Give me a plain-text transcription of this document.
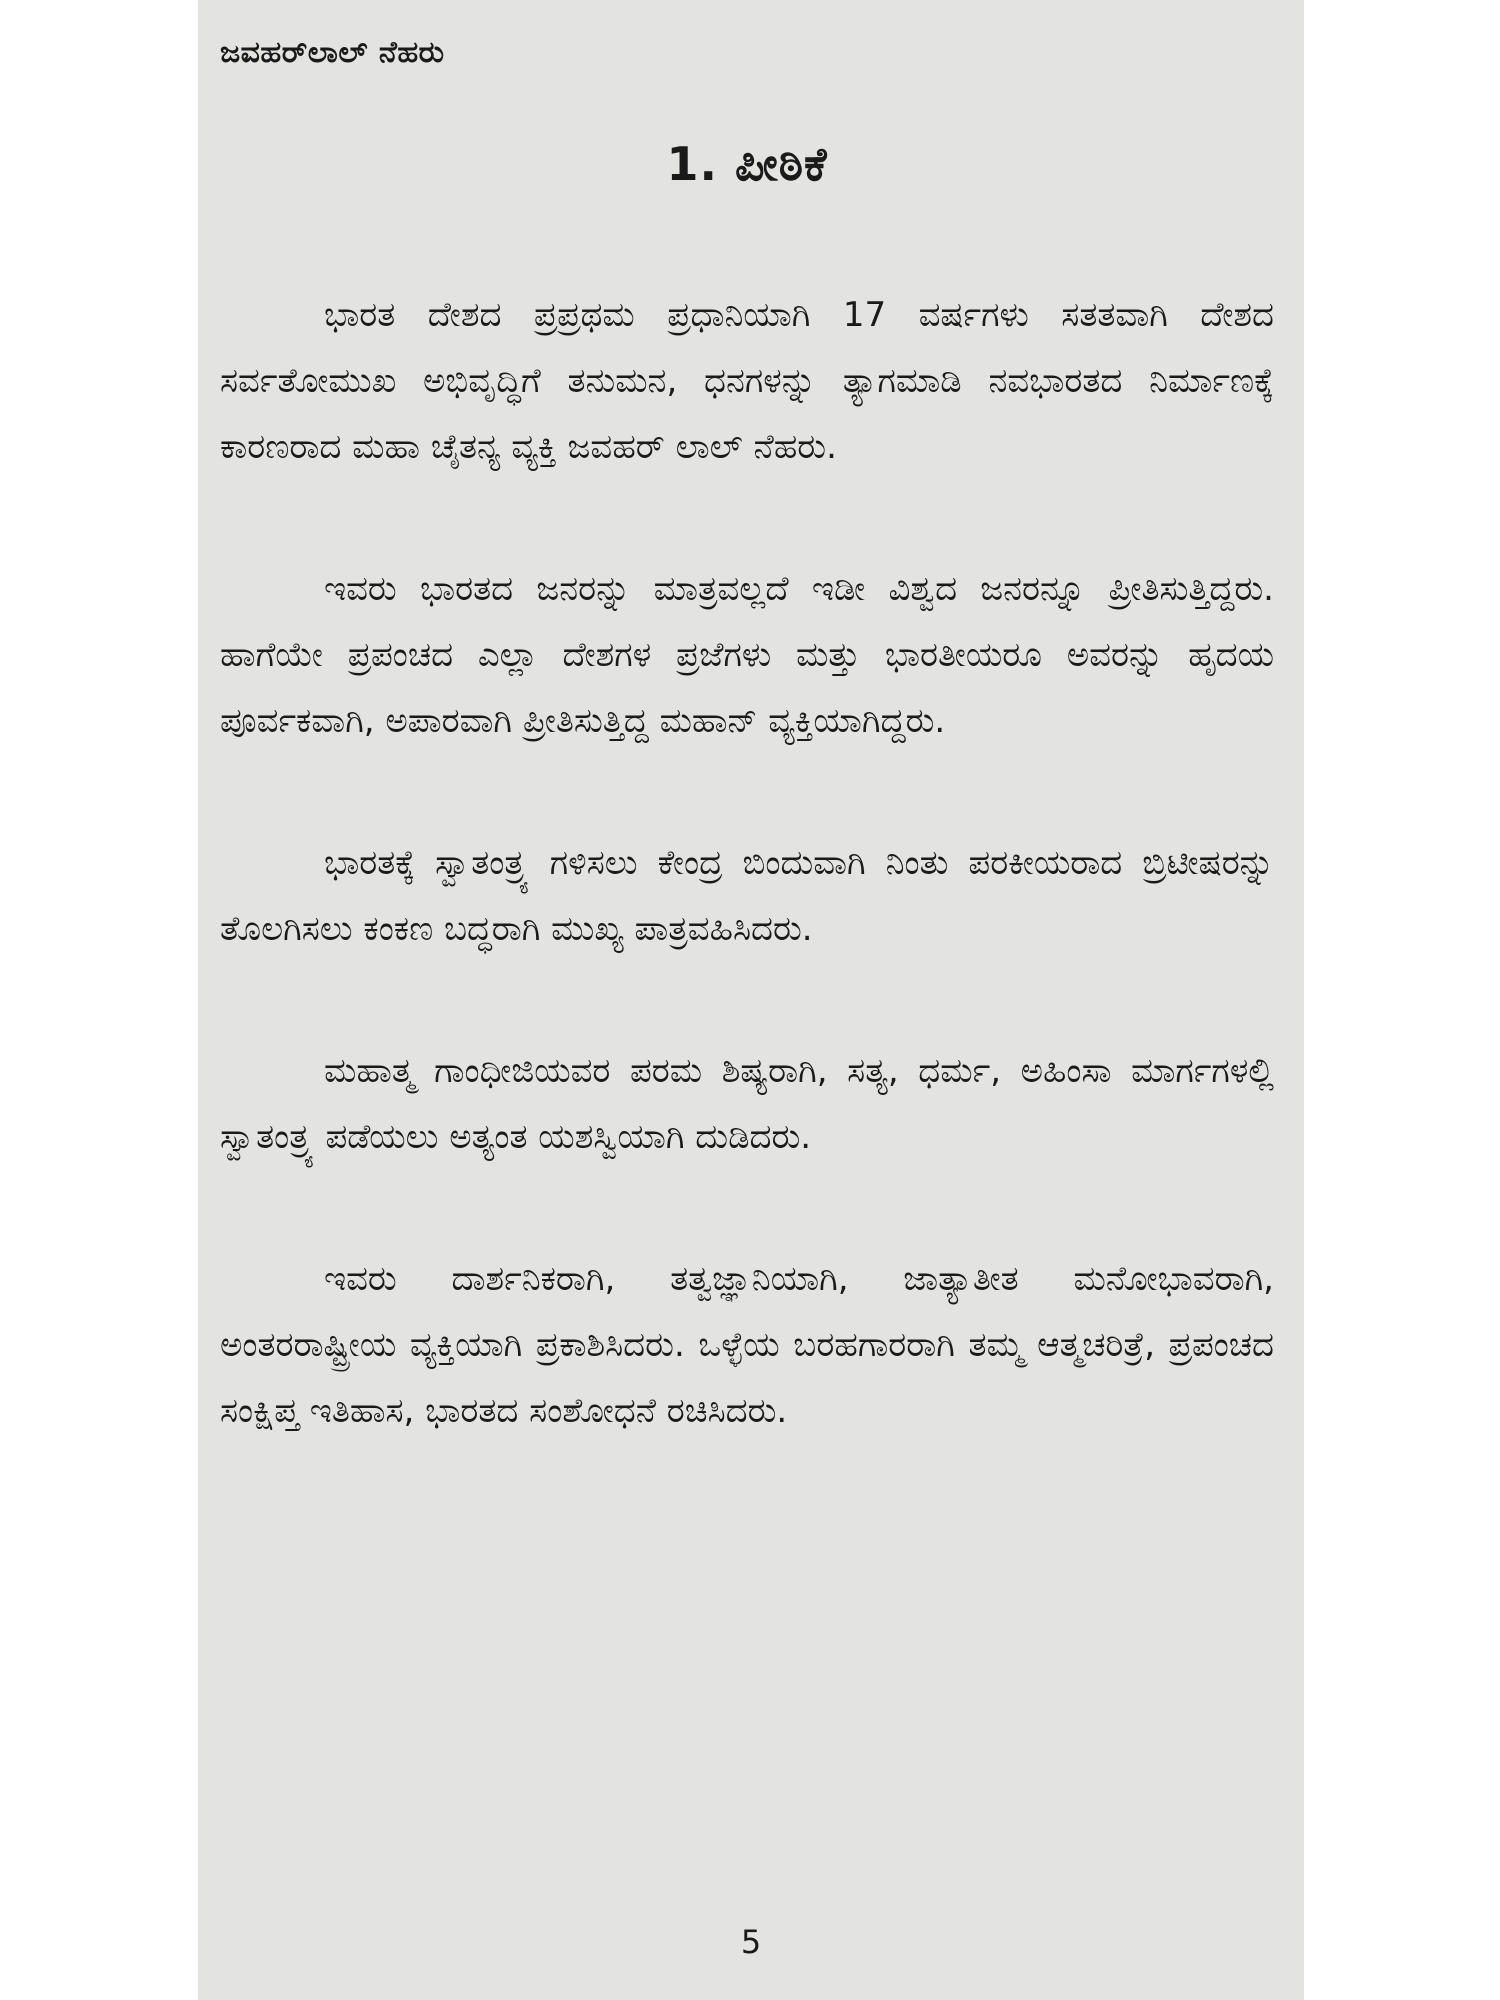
ಜವಹರ್‌ಲಾಲ್ ನೆಹರು
1. ಪೀಠಿಕೆ

ಭಾರತ ದೇಶದ ಪ್ರಪ್ರಥಮ ಪ್ರಧಾನಿಯಾಗಿ 17 ವರ್ಷಗಳು ಸತತವಾಗಿ ದೇಶದ ಸರ್ವತೋಮುಖ ಅಭಿವೃದ್ಧಿಗೆ ತನುಮನ, ಧನಗಳನ್ನು ತ್ಯಾಗಮಾಡಿ ನವಭಾರತದ ನಿರ್ಮಾಣಕ್ಕೆ ಕಾರಣರಾದ ಮಹಾ ಚೈತನ್ಯ ವ್ಯಕ್ತಿ ಜವಹರ್ ಲಾಲ್ ನೆಹರು.

ಇವರು ಭಾರತದ ಜನರನ್ನು ಮಾತ್ರವಲ್ಲದೆ ಇಡೀ ವಿಶ್ವದ ಜನರನ್ನೂ ಪ್ರೀತಿಸುತ್ತಿದ್ದರು. ಹಾಗೆಯೇ ಪ್ರಪಂಚದ ಎಲ್ಲಾ ದೇಶಗಳ ಪ್ರಜೆಗಳು ಮತ್ತು ಭಾರತೀಯರೂ ಅವರನ್ನು ಹೃದಯ ಪೂರ್ವಕವಾಗಿ, ಅಪಾರವಾಗಿ ಪ್ರೀತಿಸುತ್ತಿದ್ದ ಮಹಾನ್ ವ್ಯಕ್ತಿಯಾಗಿದ್ದರು.

ಭಾರತಕ್ಕೆ ಸ್ವಾತಂತ್ರ್ಯ ಗಳಿಸಲು ಕೇಂದ್ರ ಬಿಂದುವಾಗಿ ನಿಂತು ಪರಕೀಯರಾದ ಬ್ರಿಟೀಷರನ್ನು ತೊಲಗಿಸಲು ಕಂಕಣ ಬದ್ಧರಾಗಿ ಮುಖ್ಯ ಪಾತ್ರವಹಿಸಿದರು.

ಮಹಾತ್ಮ ಗಾಂಧೀಜಿಯವರ ಪರಮ ಶಿಷ್ಯರಾಗಿ, ಸತ್ಯ, ಧರ್ಮ, ಅಹಿಂಸಾ ಮಾರ್ಗಗಳಲ್ಲಿ ಸ್ವಾತಂತ್ರ್ಯ ಪಡೆಯಲು ಅತ್ಯಂತ ಯಶಸ್ವಿಯಾಗಿ ದುಡಿದರು.

ಇವರು ದಾರ್ಶನಿಕರಾಗಿ, ತತ್ವಜ್ಞಾನಿಯಾಗಿ, ಜಾತ್ಯಾತೀತ ಮನೋಭಾವರಾಗಿ, ಅಂತರರಾಷ್ಟ್ರೀಯ ವ್ಯಕ್ತಿಯಾಗಿ ಪ್ರಕಾಶಿಸಿದರು. ಒಳ್ಳೆಯ ಬರಹಗಾರರಾಗಿ ತಮ್ಮ ಆತ್ಮಚರಿತ್ರೆ, ಪ್ರಪಂಚದ ಸಂಕ್ಷಿಪ್ತ ಇತಿಹಾಸ, ಭಾರತದ ಸಂಶೋಧನೆ ರಚಿಸಿದರು.

5
